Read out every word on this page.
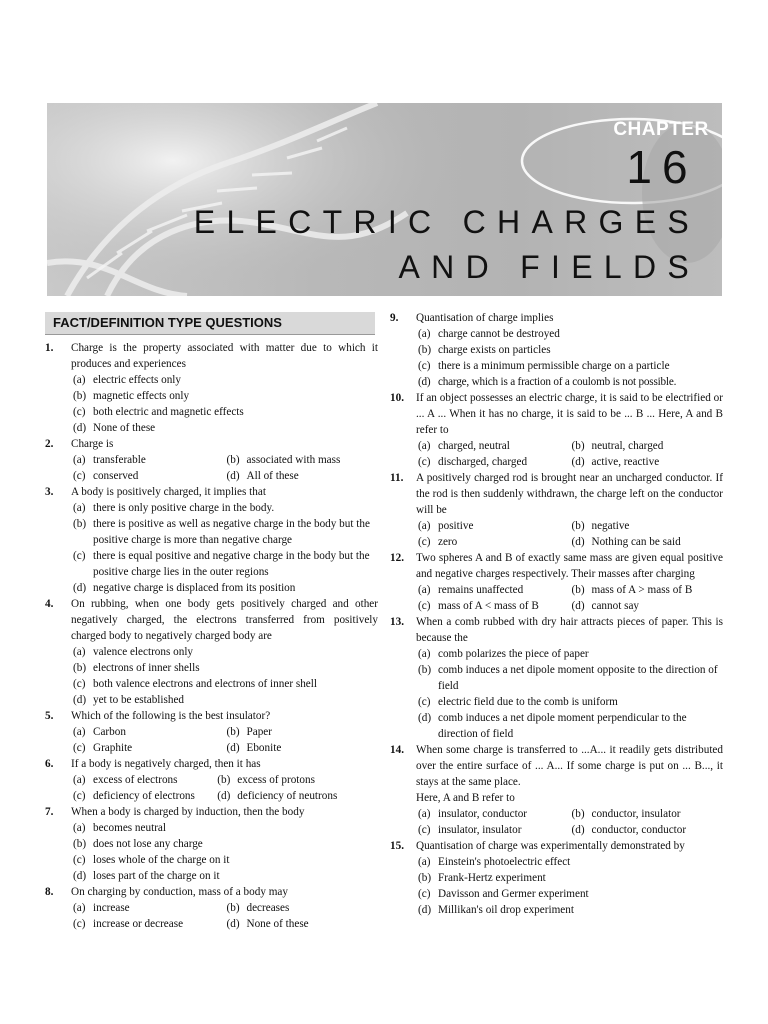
CHAPTER
16
ELECTRIC CHARGES
AND FIELDS
FACT/DEFINITION TYPE QUESTIONS
1. Charge is the property associated with matter due to which it produces and experiences
(a) electric effects only
(b) magnetic effects only
(c) both electric and magnetic effects
(d) None of these
2. Charge is
(a) transferable	(b) associated with mass
(c) conserved	(d) All of these
3. A body is positively charged, it implies that
(a) there is only positive charge in the body.
(b) there is positive as well as negative charge in the body but the positive charge is more than negative charge
(c) there is equal positive and negative charge in the body but the positive charge lies in the outer regions
(d) negative charge is displaced from its position
4. On rubbing, when one body gets positively charged and other negatively charged, the electrons transferred from positively charged body to negatively charged body are
(a) valence electrons only
(b) electrons of inner shells
(c) both valence electrons and electrons of inner shell
(d) yet to be established
5. Which of the following is the best insulator?
(a) Carbon	(b) Paper
(c) Graphite	(d) Ebonite
6. If a body is negatively charged, then it has
(a) excess of electrons	(b) excess of protons
(c) deficiency of electrons	(d) deficiency of neutrons
7. When a body is charged by induction, then the body
(a) becomes neutral
(b) does not lose any charge
(c) loses whole of the charge on it
(d) loses part of the charge on it
8. On charging by conduction, mass of a body may
(a) increase	(b) decreases
(c) increase or decrease	(d) None of these
9. Quantisation of charge implies
(a) charge cannot be destroyed
(b) charge exists on particles
(c) there is a minimum permissible charge on a particle
(d) charge, which is a fraction of a coulomb is not possible.
10. If an object possesses an electric charge, it is said to be electrified or ... A ... When it has no charge, it is said to be ... B ... Here, A and B refer to
(a) charged, neutral	(b) neutral, charged
(c) discharged, charged	(d) active, reactive
11. A positively charged rod is brought near an uncharged conductor. If the rod is then suddenly withdrawn, the charge left on the conductor will be
(a) positive	(b) negative
(c) zero	(d) Nothing can be said
12. Two spheres A and B of exactly same mass are given equal positive and negative charges respectively. Their masses after charging
(a) remains unaffected	(b) mass of A > mass of B
(c) mass of A < mass of B	(d) cannot say
13. When a comb rubbed with dry hair attracts pieces of paper. This is because the
(a) comb polarizes the piece of paper
(b) comb induces a net dipole moment opposite to the direction of field
(c) electric field due to the comb is uniform
(d) comb induces a net dipole moment perpendicular to the direction of field
14. When some charge is transferred to ...A... it readily gets distributed over the entire surface of ... A... If some charge is put on ... B..., it stays at the same place.
Here, A and B refer to
(a) insulator, conductor	(b) conductor, insulator
(c) insulator, insulator	(d) conductor, conductor
15. Quantisation of charge was experimentally demonstrated by
(a) Einstein's photoelectric effect
(b) Frank-Hertz experiment
(c) Davisson and Germer experiment
(d) Millikan's oil drop experiment
